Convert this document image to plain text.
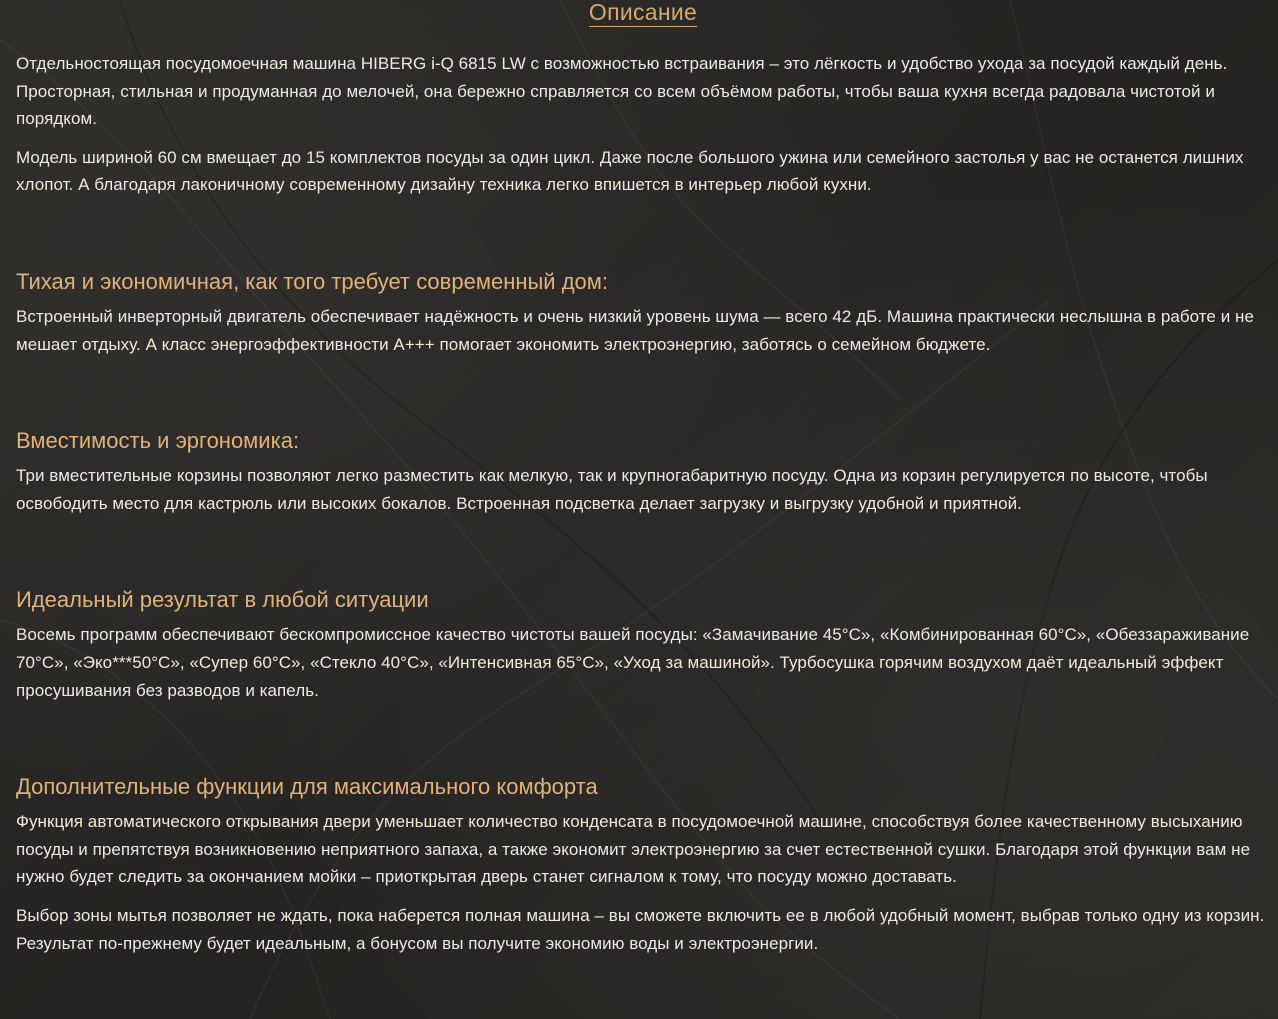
Описание

Отдельностоящая посудомоечная машина HIBERG i-Q 6815 LW с возможностью встраивания – это лёгкость и удобство ухода за посудой каждый день. Просторная, стильная и продуманная до мелочей, она бережно справляется со всем объёмом работы, чтобы ваша кухня всегда радовала чистотой и порядком.

Модель шириной 60 см вмещает до 15 комплектов посуды за один цикл. Даже после большого ужина или семейного застолья у вас не останется лишних хлопот. А благодаря лаконичному современному дизайну техника легко впишется в интерьер любой кухни.

Тихая и экономичная, как того требует современный дом:

Встроенный инверторный двигатель обеспечивает надёжность и очень низкий уровень шума — всего 42 дБ. Машина практически неслышна в работе и не мешает отдыху. А класс энергоэффективности A+++ помогает экономить электроэнергию, заботясь о семейном бюджете.

Вместимость и эргономика:

Три вместительные корзины позволяют легко разместить как мелкую, так и крупногабаритную посуду. Одна из корзин регулируется по высоте, чтобы освободить место для кастрюль или высоких бокалов. Встроенная подсветка делает загрузку и выгрузку удобной и приятной.

Идеальный результат в любой ситуации

Восемь программ обеспечивают бескомпромиссное качество чистоты вашей посуды: «Замачивание 45°С», «Комбинированная 60°С», «Обеззараживание 70°С», «Эко***50°С», «Супер 60°С», «Стекло 40°С», «Интенсивная 65°С», «Уход за машиной». Турбосушка горячим воздухом даёт идеальный эффект просушивания без разводов и капель.

Дополнительные функции для максимального комфорта

Функция автоматического открывания двери уменьшает количество конденсата в посудомоечной машине, способствуя более качественному высыханию посуды и препятствуя возникновению неприятного запаха, а также экономит электроэнергию за счет естественной сушки. Благодаря этой функции вам не нужно будет следить за окончанием мойки – приоткрытая дверь станет сигналом к тому, что посуду можно доставать.

Выбор зоны мытья позволяет не ждать, пока наберется полная машина – вы сможете включить ее в любой удобный момент, выбрав только одну из корзин. Результат по-прежнему будет идеальным, а бонусом вы получите экономию воды и электроэнергии.
